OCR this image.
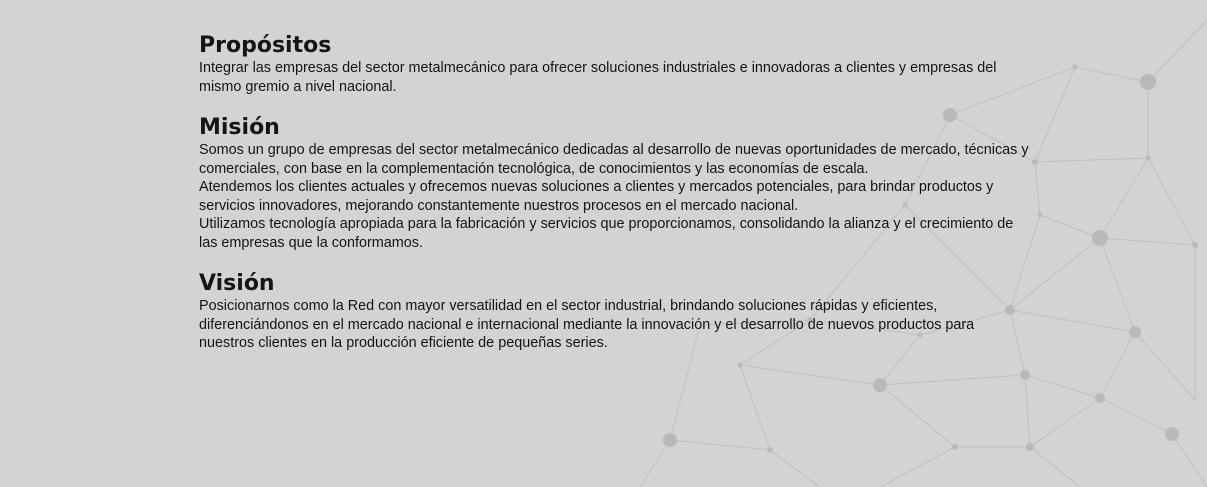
Propósitos

Integrar las empresas del sector metalmecánico para ofrecer soluciones industriales e innovadoras a clientes y empresas del mismo gremio a nivel nacional.

Misión

Somos un grupo de empresas del sector metalmecánico dedicadas al desarrollo de nuevas oportunidades de mercado, técnicas y comerciales, con base en la complementación tecnológica, de conocimientos y las economías de escala.

Atendemos los clientes actuales y ofrecemos nuevas soluciones a clientes y mercados potenciales, para brindar productos y servicios innovadores, mejorando constantemente nuestros procesos en el mercado nacional.

Utilizamos tecnología apropiada para la fabricación y servicios que proporcionamos, consolidando la alianza y el crecimiento de las empresas que la conformamos.

Visión

Posicionarnos como la Red con mayor versatilidad en el sector industrial, brindando soluciones rápidas y eficientes, diferenciándonos en el mercado nacional e internacional mediante la innovación y el desarrollo de nuevos productos para nuestros clientes en la producción eficiente de pequeñas series.
